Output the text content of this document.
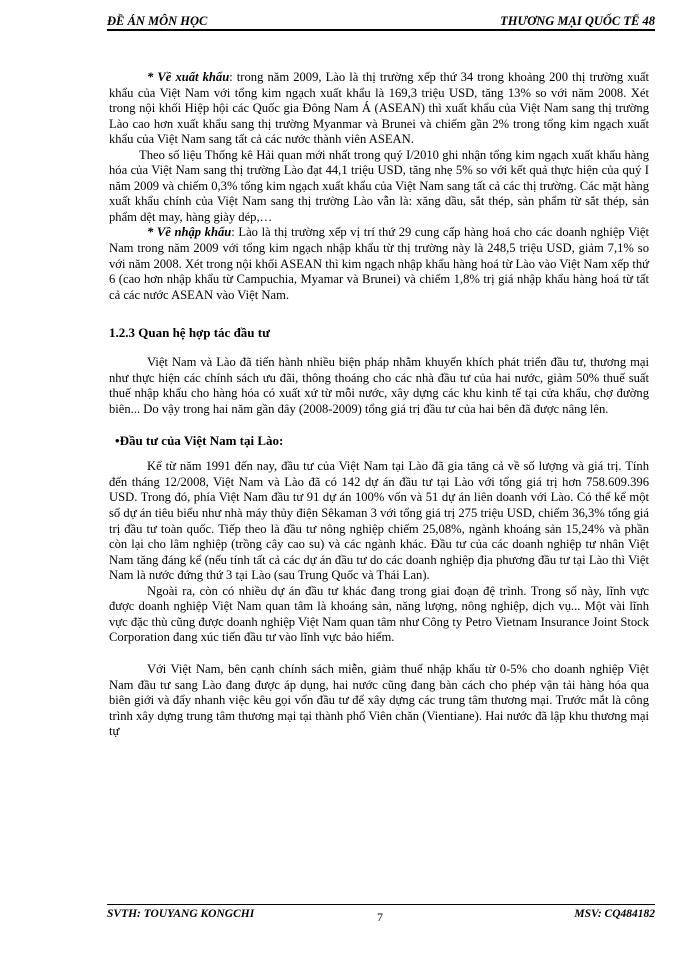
ĐỀ ÁN MÔN HỌC	THƯƠNG MẠI QUỐC TẾ 48

* Về xuất khẩu: trong năm 2009, Lào là thị trường xếp thứ 34 trong khoảng 200 thị trường xuất khẩu của Việt Nam với tổng kim ngạch xuất khẩu là 169,3 triệu USD, tăng 13% so với năm 2008. Xét trong nội khối Hiệp hội các Quốc gia Đông Nam Á (ASEAN) thì xuất khẩu của Việt Nam sang thị trường Lào cao hơn xuất khẩu sang thị trường Myanmar và Brunei và chiếm gần 2% trong tổng kim ngạch xuất khẩu của Việt Nam sang tất cả các nước thành viên ASEAN.

Theo số liệu Thống kê Hải quan mới nhất trong quý I/2010 ghi nhận tổng kim ngạch xuất khẩu hàng hóa của Việt Nam sang thị trường Lào đạt 44,1 triệu USD, tăng nhẹ 5% so với kết quả thực hiện của quý I năm 2009 và chiếm 0,3% tổng kim ngạch xuất khẩu của Việt Nam sang tất cả các thị trường. Các mặt hàng xuất khẩu chính của Việt Nam sang thị trường Lào vẫn là: xăng dầu, sắt thép, sản phẩm từ sắt thép, sản phẩm dệt may, hàng giày dép,…

* Về nhập khẩu: Lào là thị trường xếp vị trí thứ 29 cung cấp hàng hoá cho các doanh nghiệp Việt Nam trong năm 2009 với tổng kim ngạch nhập khẩu từ thị trường này là 248,5 triệu USD, giảm 7,1% so với năm 2008. Xét trong nội khối ASEAN thì kim ngạch nhập khẩu hàng hoá từ Lào vào Việt Nam xếp thứ 6 (cao hơn nhập khẩu từ Campuchia, Myamar và Brunei) và chiếm 1,8% trị giá nhập khẩu hàng hoá từ tất cả các nước ASEAN vào Việt Nam.

1.2.3 Quan hệ hợp tác đầu tư

Việt Nam và Lào đã tiến hành nhiều biện pháp nhằm khuyến khích phát triển đầu tư, thương mại như thực hiện các chính sách ưu đãi, thông thoáng cho các nhà đầu tư của hai nước, giảm 50% thuế suất thuế nhập khẩu cho hàng hóa có xuất xứ từ mỗi nước, xây dựng các khu kinh tế tại cửa khẩu, chợ đường biên... Do vậy trong hai năm gần đây (2008-2009) tổng giá trị đầu tư của hai bên đã được nâng lên.

•Đầu tư của Việt Nam tại Lào:

Kể từ năm 1991 đến nay, đầu tư của Việt Nam tại Lào đã gia tăng cả về số lượng và giá trị. Tính đến tháng 12/2008, Việt Nam và Lào đã có 142 dự án đầu tư tại Lào với tổng giá trị hơn 758.609.396 USD. Trong đó, phía Việt Nam đầu tư 91 dự án 100% vốn và 51 dự án liên doanh với Lào. Có thể kể một số dự án tiêu biểu như nhà máy thủy điện Sêkaman 3 với tổng giá trị 275 triệu USD, chiếm 36,3% tổng giá trị đầu tư toàn quốc. Tiếp theo là đầu tư nông nghiệp chiếm 25,08%, ngành khoáng sản 15,24% và phần còn lại cho lâm nghiệp (trồng cây cao su) và các ngành khác. Đầu tư của các doanh nghiệp tư nhân Việt Nam tăng đáng kể (nếu tính tất cả các dự án đầu tư do các doanh nghiệp địa phương đầu tư tại Lào thì Việt Nam là nước đứng thứ 3 tại Lào (sau Trung Quốc và Thái Lan).

Ngoài ra, còn có nhiều dự án đầu tư khác đang trong giai đoạn đệ trình. Trong số này, lĩnh vực được doanh nghiệp Việt Nam quan tâm là khoáng sản, năng lượng, nông nghiệp, dịch vụ... Một vài lĩnh vực đặc thù cũng được doanh nghiệp Việt Nam quan tâm như Công ty Petro Vietnam Insurance Joint Stock Corporation đang xúc tiến đầu tư vào lĩnh vực bảo hiểm.

Với Việt Nam, bên cạnh chính sách miễn, giảm thuế nhập khẩu từ 0-5% cho doanh nghiệp Việt Nam đầu tư sang Lào đang được áp dụng, hai nước cũng đang bàn cách cho phép vận tải hàng hóa qua biên giới và đẩy nhanh việc kêu gọi vốn đầu tư để xây dựng các trung tâm thương mại. Trước mắt là công trình xây dựng trung tâm thương mại tại thành phố Viên chăn (Vientiane). Hai nước đã lập khu thương mại tự

SVTH: TOUYANG KONGCHI	7	MSV: CQ484182
